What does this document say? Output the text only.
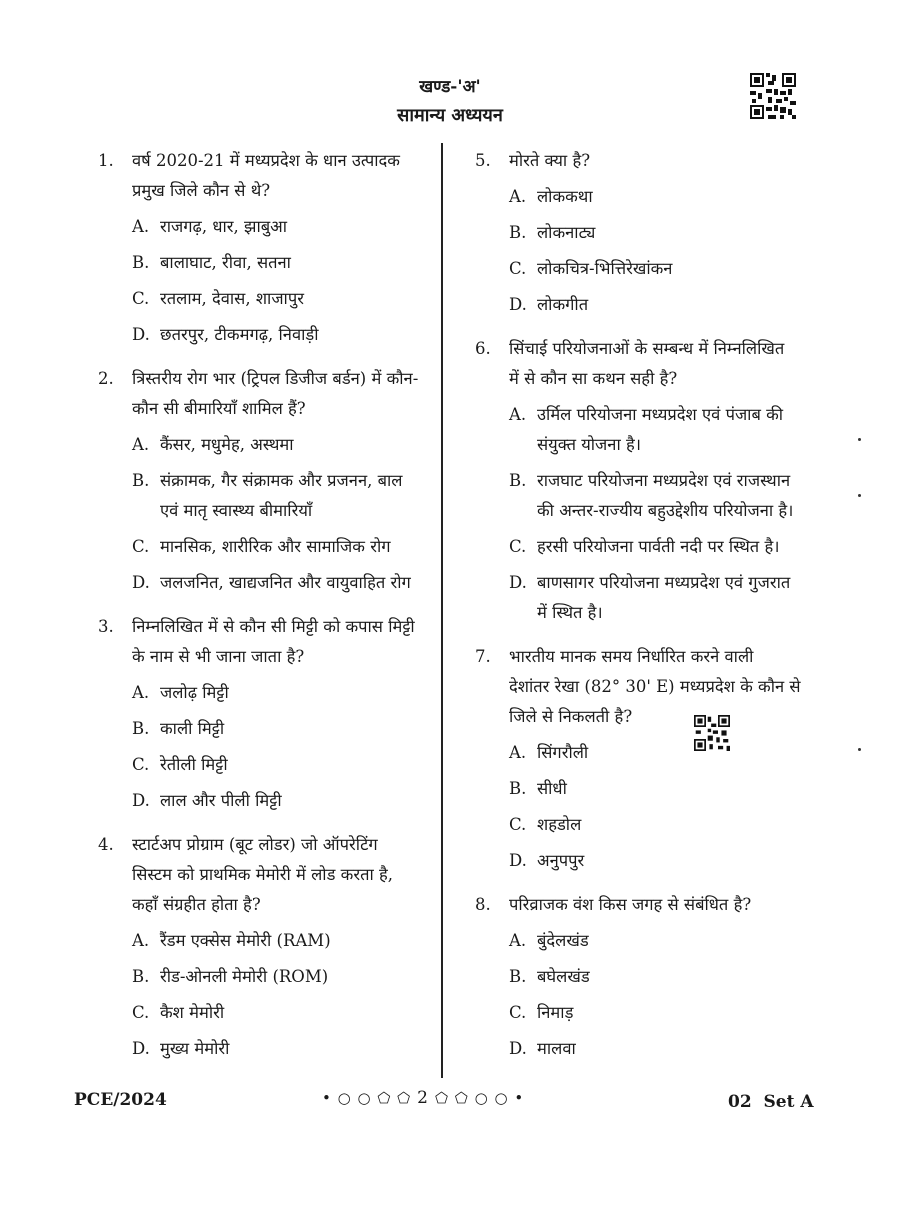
खण्ड-'अ'
सामान्य अध्ययन
1.	वर्ष 2020-21 में मध्यप्रदेश के धान उत्पादक
प्रमुख जिले कौन से थे?
A. राजगढ़, धार, झाबुआ
B. बालाघाट, रीवा, सतना
C. रतलाम, देवास, शाजापुर
D. छतरपुर, टीकमगढ़, निवाड़ी
2.	त्रिस्तरीय रोग भार (ट्रिपल डिजीज बर्डन) में कौन-
कौन सी बीमारियाँ शामिल हैं?
A. कैंसर, मधुमेह, अस्थमा
B. संक्रामक, गैर संक्रामक और प्रजनन, बाल
एवं मातृ स्वास्थ्य बीमारियाँ
C. मानसिक, शारीरिक और सामाजिक रोग
D. जलजनित, खाद्यजनित और वायुवाहित रोग
3.	निम्नलिखित में से कौन सी मिट्टी को कपास मिट्टी
के नाम से भी जाना जाता है?
A. जलोढ़ मिट्टी
B. काली मिट्टी
C. रेतीली मिट्टी
D. लाल और पीली मिट्टी
4.	स्टार्टअप प्रोग्राम (बूट लोडर) जो ऑपरेटिंग
सिस्टम को प्राथमिक मेमोरी में लोड करता है,
कहाँ संग्रहीत होता है?
A. रैंडम एक्सेस मेमोरी (RAM)
B. रीड-ओनली मेमोरी (ROM)
C. कैश मेमोरी
D. मुख्य मेमोरी
5.	मोरते क्या है?
A. लोककथा
B. लोकनाट्य
C. लोकचित्र-भित्तिरेखांकन
D. लोकगीत
6.	सिंचाई परियोजनाओं के सम्बन्ध में निम्नलिखित
में से कौन सा कथन सही है?
A. उर्मिल परियोजना मध्यप्रदेश एवं पंजाब की
संयुक्त योजना है।
B. राजघाट परियोजना मध्यप्रदेश एवं राजस्थान
की अन्तर-राज्यीय बहुउद्देशीय परियोजना है।
C. हरसी परियोजना पार्वती नदी पर स्थित है।
D. बाणसागर परियोजना मध्यप्रदेश एवं गुजरात
में स्थित है।
7.	भारतीय मानक समय निर्धारित करने वाली
देशांतर रेखा (82° 30' E) मध्यप्रदेश के कौन से
जिले से निकलती है?
A. सिंगरौली
B. सीधी
C. शहडोल
D. अनुपपुर
8.	परिव्राजक वंश किस जगह से संबंधित है?
A. बुंदेलखंड
B. बघेलखंड
C. निमाड़
D. मालवा
PCE/2024	• ○ ○ ⬠ ⬠ 2 ⬠ ⬠ ○ ○ •	02  Set A
